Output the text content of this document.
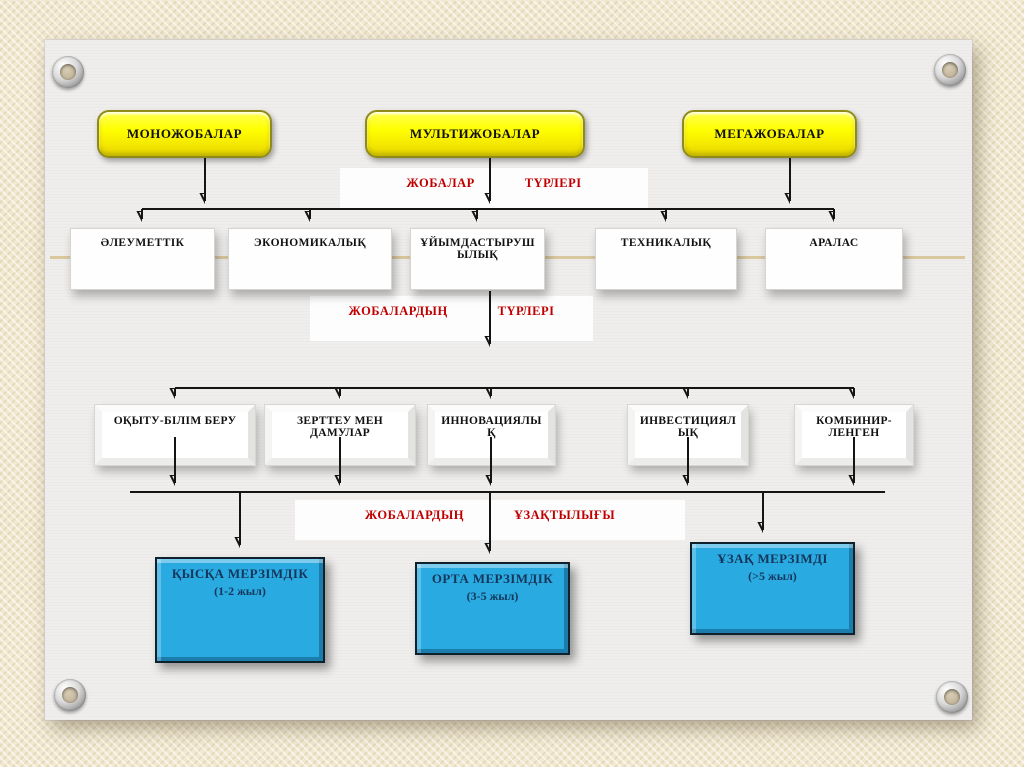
МОНОЖОБАЛАР	МУЛЬТИЖОБАЛАР	МЕГАЖОБАЛАР
ЖОБАЛАР	ТҮРЛЕРІ
ЖОБАЛАРДЫҢ	ТҮРЛЕРІ
ЖОБАЛАРДЫҢ	ҰЗАҚТЫЛЫҒЫ
ӘЛЕУМЕТТІК	ЭКОНОМИКАЛЫҚ	ҰЙЫМДАСТЫРУШЫЛЫҚ
ТЕХНИКАЛЫҚ	АРАЛАС
ОҚЫТУ-БІЛІМ БЕРУ	ЗЕРТТЕУ МЕН ДАМУЛАР
ИННОВАЦИЯЛЫҚ
ИНВЕСТИЦИЯЛЫҚ
КОМБИНИР-ЛЕНГЕН
ҚЫСҚА МЕРЗІМДІК
(1-2 жыл)
ОРТА МЕРЗІМДІК
(3-5 жыл)
ҰЗАҚ МЕРЗІМДІ
(>5 жыл)
